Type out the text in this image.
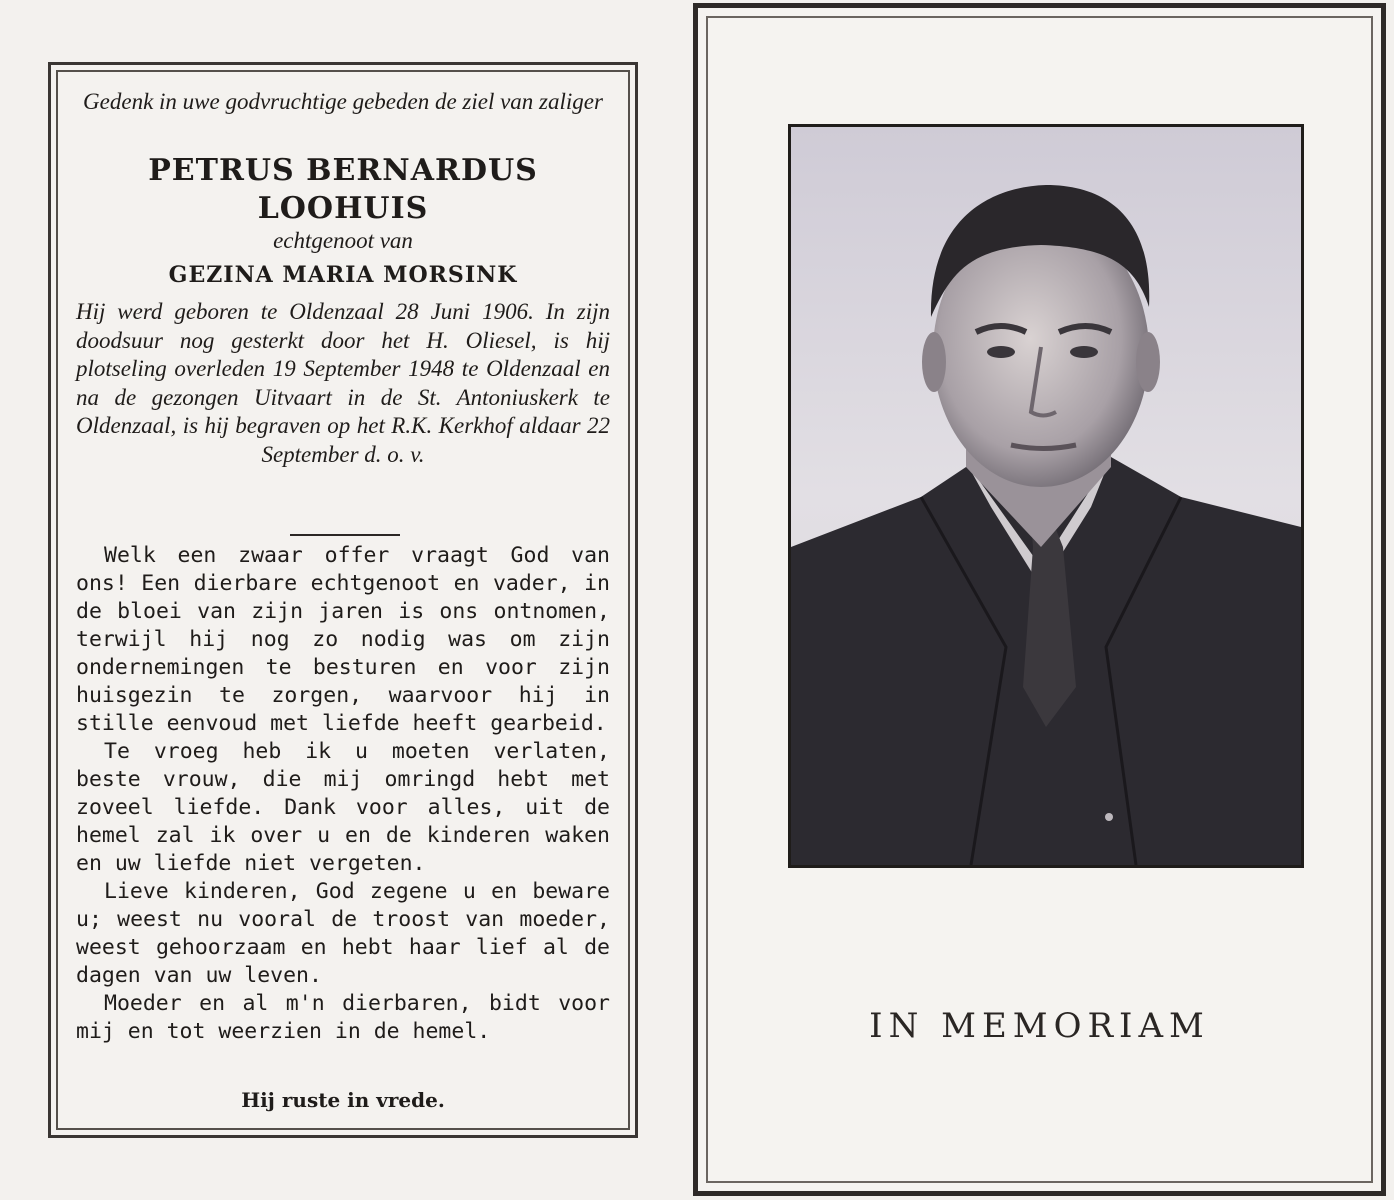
Gedenk in uwe godvruchtige gebeden de ziel van zaliger
PETRUS BERNARDUS
LOOHUIS
echtgenoot van
GEZINA MARIA MORSINK
Hij werd geboren te Oldenzaal 28 Juni 1906. In zijn doodsuur nog gesterkt door het H. Oliesel, is hij plotseling overleden 19 September 1948 te Oldenzaal en na de gezongen Uitvaart in de St. Antoniuskerk te Oldenzaal, is hij begraven op het R.K. Kerkhof aldaar 22 September d. o. v.

Welk een zwaar offer vraagt God van ons! Een dierbare echtgenoot en vader, in de bloei van zijn jaren is ons ontnomen, terwijl hij nog zo nodig was om zijn ondernemingen te besturen en voor zijn huisgezin te zorgen, waarvoor hij in stille eenvoud met liefde heeft gearbeid.

Te vroeg heb ik u moeten verlaten, beste vrouw, die mij omringd hebt met zoveel liefde. Dank voor alles, uit de hemel zal ik over u en de kinderen waken en uw liefde niet vergeten.

Lieve kinderen, God zegene u en beware u; weest nu vooral de troost van moeder, weest gehoorzaam en hebt haar lief al de dagen van uw leven.

Moeder en al m'n dierbaren, bidt voor mij en tot weerzien in de hemel.

Hij ruste in vrede.
IN MEMORIAM
